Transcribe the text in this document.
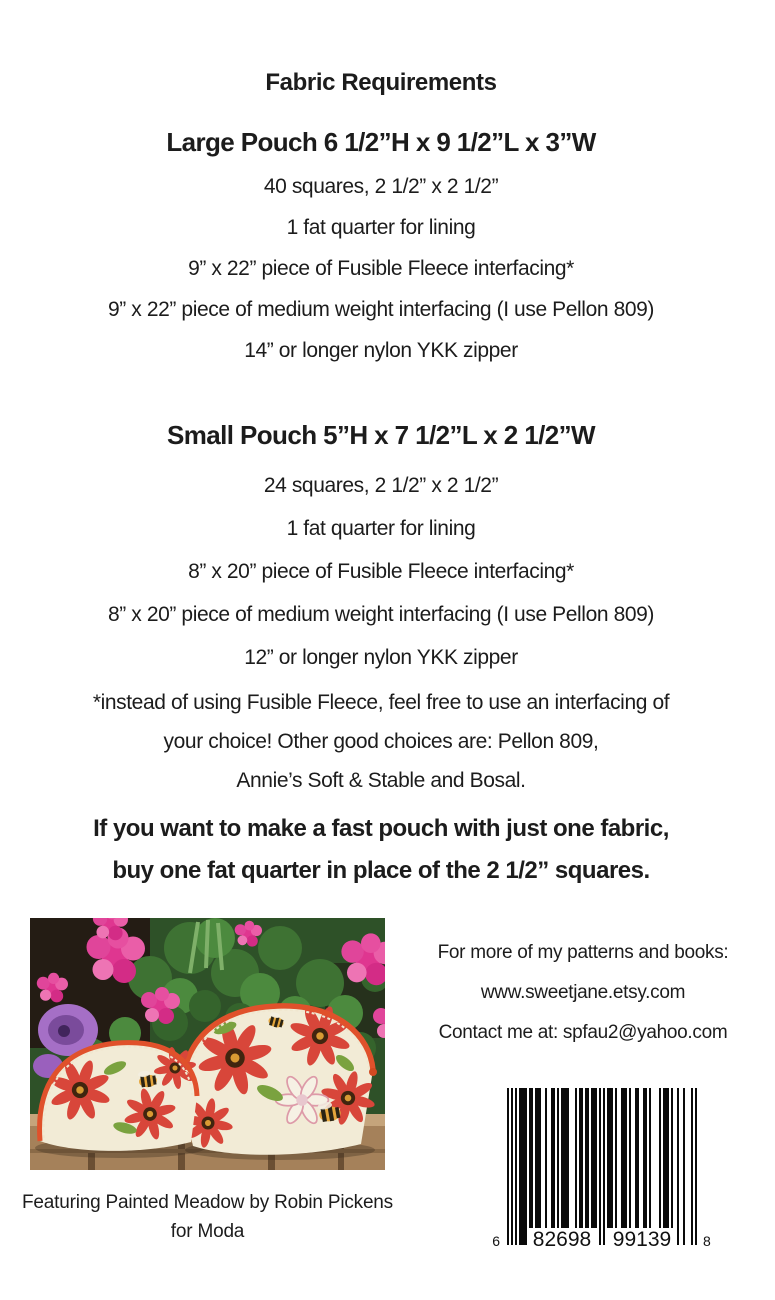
Fabric Requirements
Large Pouch 6 1/2”H x 9 1/2”L x 3”W
40 squares, 2 1/2” x 2 1/2”
1 fat quarter for lining
9” x 22” piece of Fusible Fleece interfacing*
9” x 22” piece of medium weight interfacing (I use Pellon 809)
14” or longer nylon YKK zipper
Small Pouch 5”H x 7 1/2”L x 2 1/2”W
24 squares, 2 1/2” x 2 1/2”
1 fat quarter for lining
8” x 20” piece of Fusible Fleece interfacing*
8” x 20” piece of medium weight interfacing (I use Pellon 809)
12” or longer nylon YKK zipper
*instead of using Fusible Fleece, feel free to use an interfacing of
your choice! Other good choices are: Pellon 809,
Annie’s Soft & Stable and Bosal.
If you want to make a fast pouch with just one fabric,
buy one fat quarter in place of the 2 1/2” squares.
For more of my patterns and books:
www.sweetjane.etsy.com
Contact me at: spfau2@yahoo.com
6 82698 99139 8
Featuring Painted Meadow by Robin Pickens
for Moda
